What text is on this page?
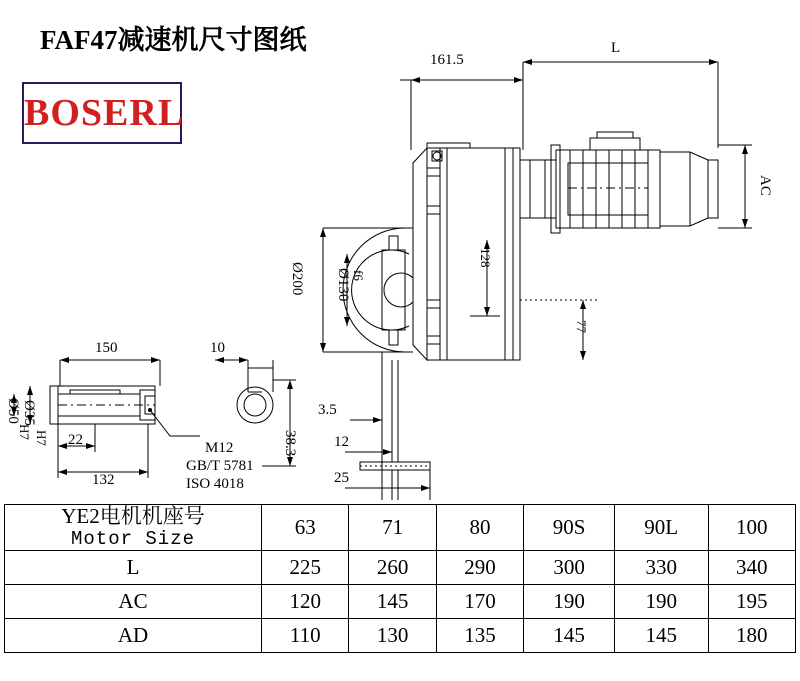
FAF47减速机尺寸图纸
BOSERL
161.5
L
AC
Ø200 Ø130 f6
128
77
3.5
12
25
150	10
Ø50
H7
Ø35
H7 22
132
38.3
M12
GB/T 5781
ISO 4018
YE2电机机座号
Motor Size	63	71	80	90S	90L	100
L	225	260	290	300	330	340
AC	120	145	170	190	190	195
AD	110	130	135	145	145	180
